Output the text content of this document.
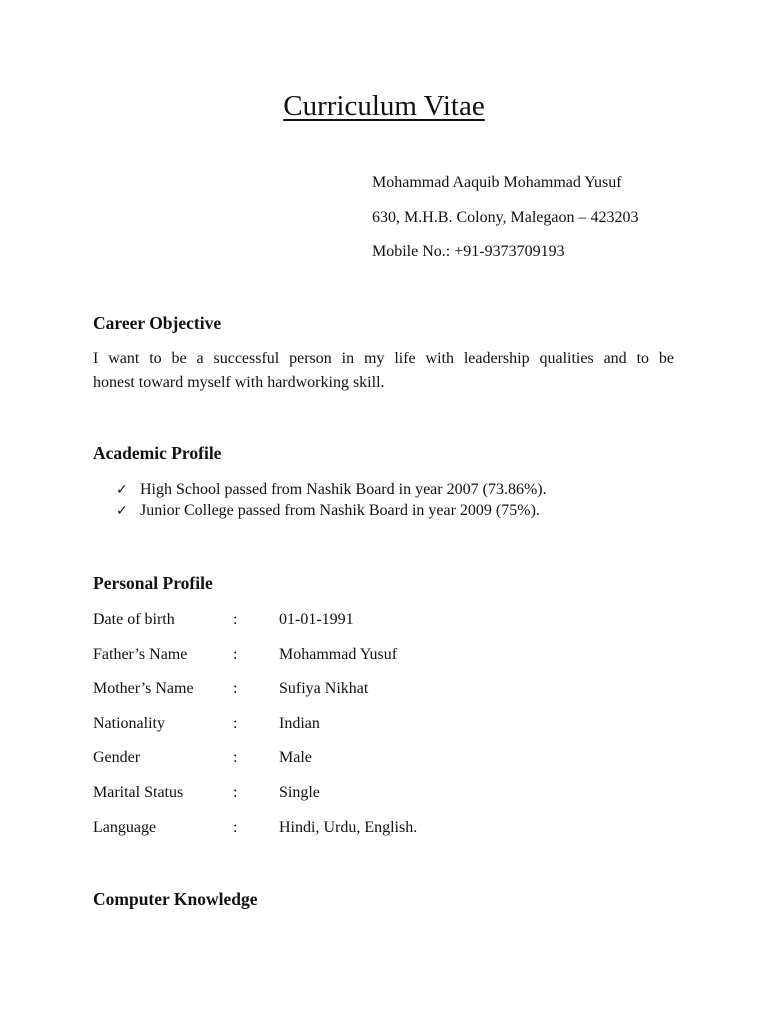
Curriculum Vitae
Mohammad Aaquib Mohammad Yusuf
630, M.H.B. Colony, Malegaon – 423203
Mobile No.: +91-9373709193
Career Objective
I want to be a successful person in my life with leadership qualities and to be
honest toward myself with hardworking skill.
Academic Profile
✓ High School passed from Nashik Board in year 2007 (73.86%).
✓ Junior College passed from Nashik Board in year 2009 (75%).
Personal Profile
Date of birth	:	01-01-1991
Father’s Name	:	Mohammad Yusuf
Mother’s Name :	Sufiya Nikhat
Nationality	:	Indian
Gender	:	Male
Marital Status	:	Single
Language	:	Hindi, Urdu, English.
Computer Knowledge
